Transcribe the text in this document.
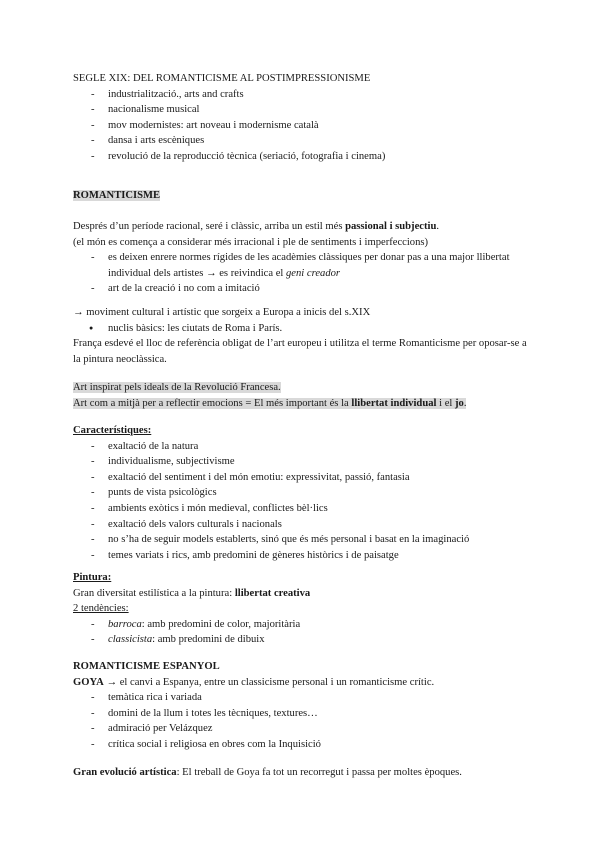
SEGLE XIX: DEL ROMANTICISME AL POSTIMPRESSIONISME

- industrialització., arts and crafts
- nacionalisme musical
- mov modernistes: art noveau i modernisme català
- dansa i arts escèniques
- revolució de la reproducció tècnica (seriació, fotografia i cinema)

ROMANTICISME

Després d’un període racional, seré i clàssic, arriba un estil més passional i subjectiu.

(el món es comença a considerar més irracional i ple de sentiments i imperfeccions)

- es deixen enrere normes rígides de les acadèmies clàssiques per donar pas a una major llibertat individual dels artistes → es reivindica el geni creador
- art de la creació i no com a imitació

→ moviment cultural i artístic que sorgeix a Europa a inicis del s.XIX

● nuclis bàsics: les ciutats de Roma i París.

França esdevé el lloc de referència obligat de l’art europeu i utilitza el terme Romanticisme per oposar-se a la pintura neoclàssica.

Art inspirat pels ideals de la Revolució Francesa.

Art com a mitjà per a reflectir emocions = El més important és la llibertat individual i el jo.

Característiques:

- exaltació de la natura
- individualisme, subjectivisme
- exaltació del sentiment i del món emotiu: expressivitat, passió, fantasia
- punts de vista psicològics
- ambients exòtics i món medieval, conflictes bèl·lics
- exaltació dels valors culturals i nacionals
- no s’ha de seguir models establerts, sinó que és més personal i basat en la imaginació
- temes variats i rics, amb predomini de gèneres històrics i de paisatge

Pintura:

Gran diversitat estilística a la pintura: llibertat creativa

2 tendències:

- barroca: amb predomini de color, majoritària
- classicista: amb predomini de dibuix

ROMANTICISME ESPANYOL

GOYA → el canvi a Espanya, entre un classicisme personal i un romanticisme crític.

- temàtica rica i variada
- domini de la llum i totes les tècniques, textures…
- admiració per Velázquez
- crítica social i religiosa en obres com la Inquisició

Gran evolució artística: El treball de Goya fa tot un recorregut i passa per moltes èpoques.
